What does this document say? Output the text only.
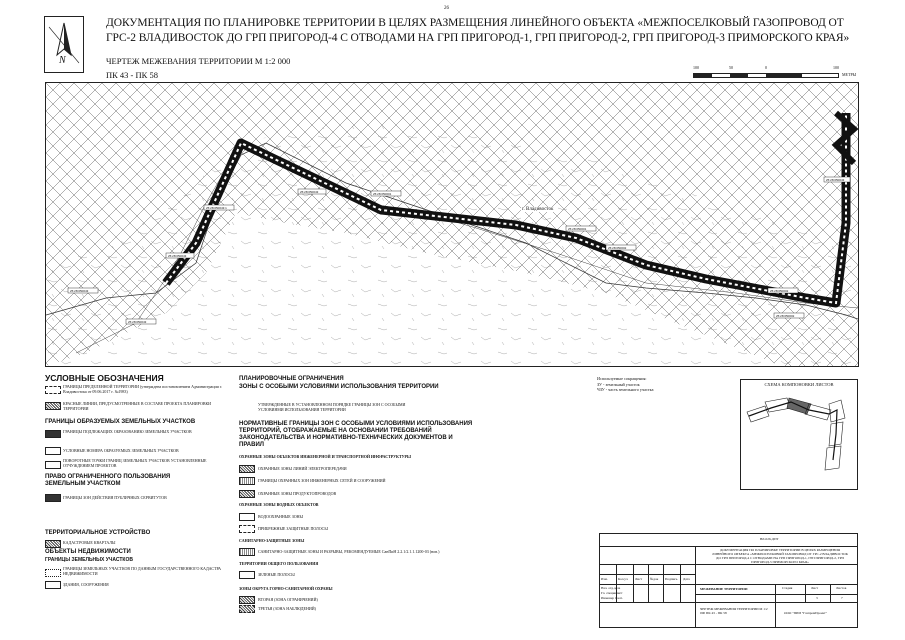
26
N
ДОКУМЕНТАЦИЯ ПО ПЛАНИРОВКЕ ТЕРРИТОРИИ В ЦЕЛЯХ РАЗМЕЩЕНИЯ ЛИНЕЙНОГО ОБЪЕКТА «МЕЖПОСЕЛКОВЫЙ ГАЗОПРОВОД ОТ ГРС-2 ВЛАДИВОСТОК ДО ГРП ПРИГОРОД-4 С ОТВОДАМИ НА ГРП ПРИГОРОД-1, ГРП ПРИГОРОД-2, ГРП ПРИГОРОД-3 ПРИМОРСКОГО КРАЯ»
ЧЕРТЕЖ МЕЖЕВАНИЯ ТЕРРИТОРИИ М 1:2 000
ПК 43 - ПК 58
100	50	0	100
МЕТРЫ
25:28:050043:1
25:28:050043
25:28:050043	25:28:050001
25:28:050001
25:28:050002
25:28:050002
25:28:050002
25:28:050043
25:28:050043
25:28:050043
г. Владивосток
УСЛОВНЫЕ ОБОЗНАЧЕНИЯ
ГРАНИЦЫ ПРЕДЕЛЕННОЙ ТЕРРИТОРИИ (утверждена постановлением Администрации г. Владивостока от 09.06.2017 г. №1983)
КРАСНЫЕ ЛИНИИ, ПРЕДУСМОТРЕННЫЕ В СОСТАВЕ ПРОЕКТА ПЛАНИРОВКИ ТЕРРИТОРИИ
ГРАНИЦЫ ОБРАЗУЕМЫХ ЗЕМЕЛЬНЫХ УЧАСТКОВ
ГРАНИЦЫ ПОДЛЕЖАЩИХ ОБРАЗОВАНИЮ ЗЕМЕЛЬНЫХ УЧАСТКОВ
УСЛОВНЫЕ НОМЕРА ОБРАЗУЕМЫХ ЗЕМЕЛЬНЫХ УЧАСТКОВ
ПОВОРОТНЫЕ ТОЧКИ ГРАНИЦ ЗЕМЕЛЬНЫХ УЧАСТКОВ УСТАНОВЛЕННЫЕ ОТЧУЖДЕНИЕМ ПРОЕКТОВ
ПРАВО ОГРАНИЧЕННОГО ПОЛЬЗОВАНИЯ ЗЕМЕЛЬНЫМ УЧАСТКОМ
ГРАНИЦЫ ЗОН ДЕЙСТВИЯ ПУБЛИЧНЫХ СЕРВИТУТОВ
ТЕРРИТОРИАЛЬНОЕ УСТРОЙСТВО
КАДАСТРОВЫЕ КВАРТАЛЫ
ОБЪЕКТЫ НЕДВИЖИМОСТИ
ГРАНИЦЫ ЗЕМЕЛЬНЫХ УЧАСТКОВ
ГРАНИЦЫ ЗЕМЕЛЬНЫХ УЧАСТКОВ ПО ДАННЫМ ГОСУДАРСТВЕННОГО КАДАСТРА НЕДВИЖИМОСТИ
ЗДАНИЯ, СООРУЖЕНИЯ
ПЛАНИРОВОЧНЫЕ ОГРАНИЧЕНИЯ
ЗОНЫ С ОСОБЫМИ УСЛОВИЯМИ ИСПОЛЬЗОВАНИЯ ТЕРРИТОРИИ
УТВЕРЖДЕННЫЕ В УСТАНОВЛЕННОМ ПОРЯДКЕ ГРАНИЦЫ ЗОН С ОСОБЫМИ УСЛОВИЯМИ ИСПОЛЬЗОВАНИЯ ТЕРРИТОРИИ
НОРМАТИВНЫЕ ГРАНИЦЫ ЗОН С ОСОБЫМИ УСЛОВИЯМИ ИСПОЛЬЗОВАНИЯ ТЕРРИТОРИЙ, ОТОБРАЖАЕМЫЕ НА ОСНОВАНИИ ТРЕБОВАНИЙ ЗАКОНОДАТЕЛЬСТВА И НОРМАТИВНО-ТЕХНИЧЕСКИХ ДОКУМЕНТОВ И ПРАВИЛ
ОХРАННЫЕ ЗОНЫ ОБЪЕКТОВ ИНЖЕНЕРНОЙ И ТРАНСПОРТНОЙ ИНФРАСТРУКТУРЫ
ОХРАННЫЕ ЗОНЫ ЛИНИЙ ЭЛЕКТРОПЕРЕДАЧИ
ГРАНИЦЫ ОХРАННЫХ ЗОН ИНЖЕНЕРНЫХ СЕТЕЙ И СООРУЖЕНИЙ
ОХРАННЫЕ ЗОНЫ ПРОДУКТОПРОВОДОВ
ОХРАННЫЕ ЗОНЫ ВОДНЫХ ОБЪЕКТОВ
ВОДООХРАННЫЕ ЗОНЫ
ПРИБРЕЖНЫЕ ЗАЩИТНЫЕ ПОЛОСЫ
САНИТАРНО-ЗАЩИТНЫЕ ЗОНЫ
САНИТАРНО-ЗАЩИТНЫЕ ЗОНЫ И РАЗРЫВЫ, РЕКОМЕНДУЕМЫЕ СанПиН 2.2.1/2.1.1.1200-03 (нов.)
ТЕРРИТОРИИ ОБЩЕГО ПОЛЬЗОВАНИЯ
ЗЕЛЕНЫЕ ПОЛОСЫ
ЗОНЫ ОКРУГА ГОРНО-САНИТАРНОЙ ОХРАНЫ
ВТОРАЯ (ЗОНА ОГРАНИЧЕНИЙ)
ТРЕТЬЯ (ЗОНА НАБЛЮДЕНИЙ)
Используемые сокращения:
ЗУ - земельный участок
ЧЗУ - часть земельного участка
СХЕМА КОМПОНОВКИ ЛИСТОВ
ВЛ-026-ДПТ
ДОКУМЕНТАЦИЯ ПО ПЛАНИРОВКЕ ТЕРРИТОРИИ В ЦЕЛЯХ РАЗМЕЩЕНИЯ ЛИНЕЙНОГО ОБЪЕКТА «МЕЖПОСЕЛКОВЫЙ ГАЗОПРОВОД ОТ ГРС-2 ВЛАДИВОСТОК ДО ГРП ПРИГОРОД-4 С ОТВОДАМИ НА ГРП ПРИГОРОД-1, ГРП ПРИГОРОД-2, ГРП ПРИГОРОД-3 ПРИМОРСКОГО КРАЯ»
МЕЖЕВАНИЕ ТЕРРИТОРИИ	Стадия	Лист	Листов
3	7
ЧЕРТЕЖ МЕЖЕВАНИЯ ТЕРРИТОРИИ М 1:2 000 ПК 43 - ПК 58	ООО "ПИИ "ГазпромПроект"
Изм.	Кол.уч Лист №док Подпись Дата
Нач. отд.дела
Гл. специалист
Инженер 1 кат.
